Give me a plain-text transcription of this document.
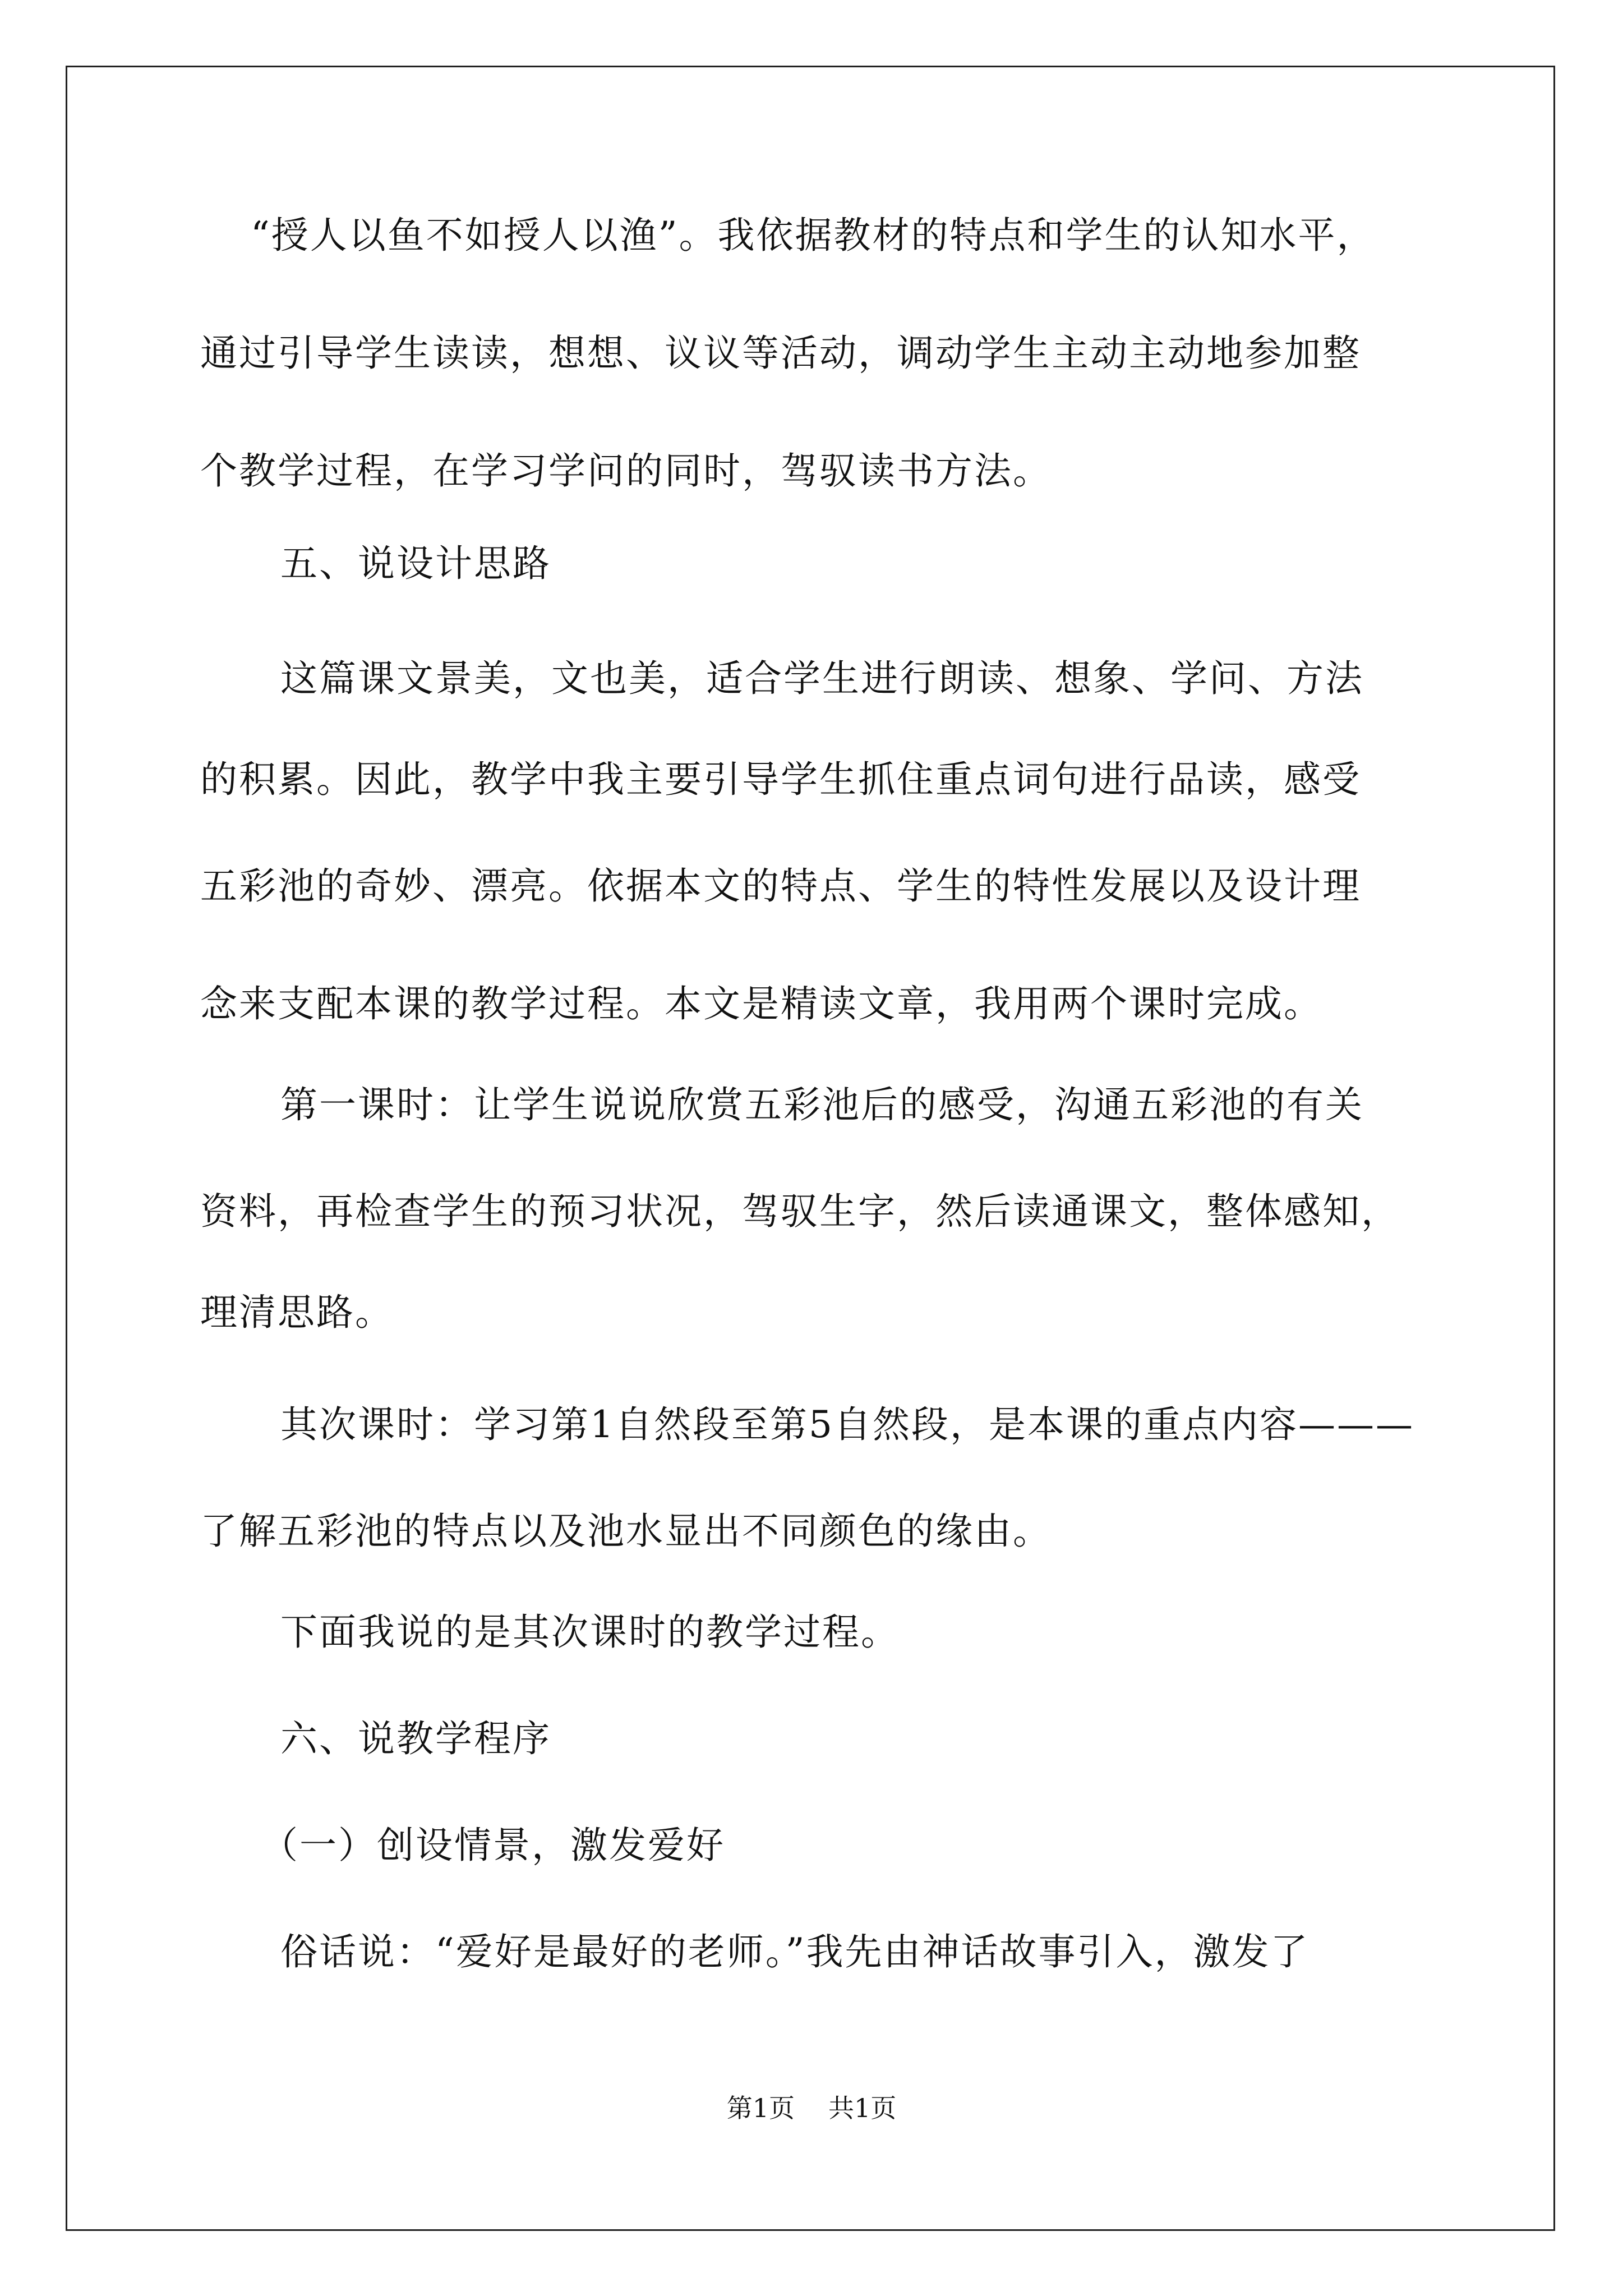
“授人以鱼不如授人以渔”。我依据教材的特点和学生的认知水平，
通过引导学生读读，想想、议议等活动，调动学生主动主动地参加整
个教学过程，在学习学问的同时，驾驭读书方法。
五、说设计思路
这篇课文景美，文也美，适合学生进行朗读、想象、学问、方法
的积累。因此，教学中我主要引导学生抓住重点词句进行品读，感受
五彩池的奇妙、漂亮。依据本文的特点、学生的特性发展以及设计理
念来支配本课的教学过程。本文是精读文章，我用两个课时完成。
第一课时：让学生说说欣赏五彩池后的感受，沟通五彩池的有关
资料，再检查学生的预习状况，驾驭生字，然后读通课文，整体感知，
理清思路。
其次课时：学习第1自然段至第5自然段，是本课的重点内容———
了解五彩池的特点以及池水显出不同颜色的缘由。
下面我说的是其次课时的教学过程。
六、说教学程序
（一）创设情景，激发爱好
俗话说：“爱好是最好的老师。”我先由神话故事引入，激发了
第1页 共1页
